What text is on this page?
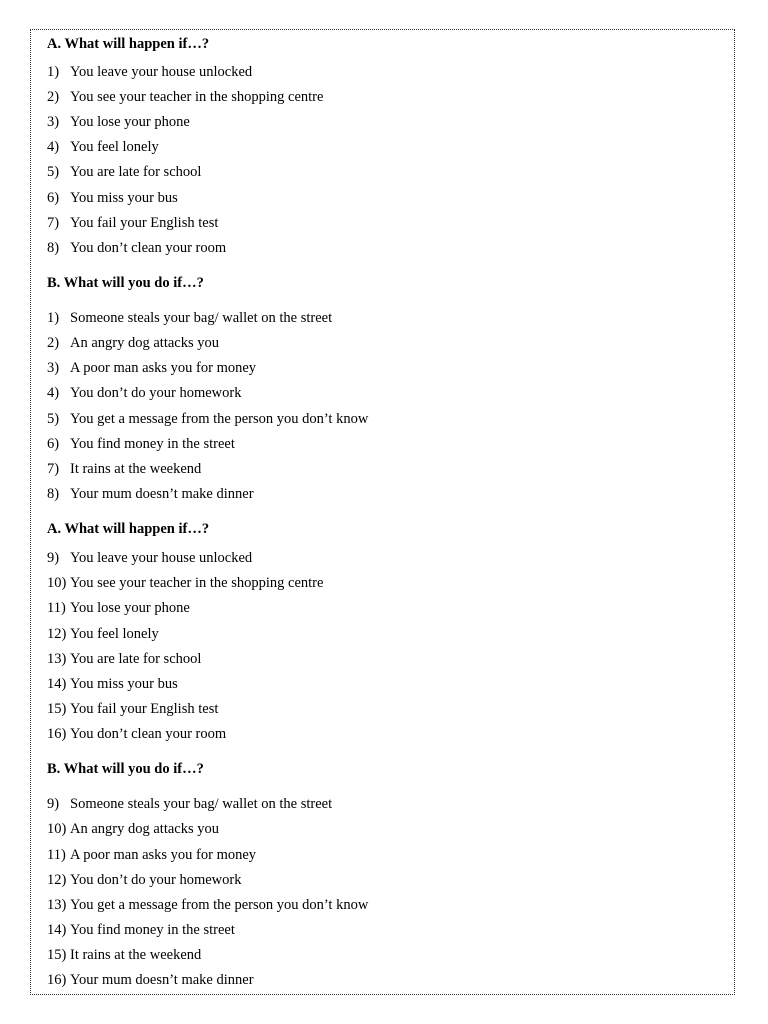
A. What will happen if…?
1) You leave your house unlocked
2) You see your teacher in the shopping centre
3) You lose your phone
4) You feel lonely
5) You are late for school
6) You miss your bus
7) You fail your English test
8) You don’t clean your room
B. What will you do if…?
1) Someone steals your bag/ wallet on the street
2) An angry dog attacks you
3) A poor man asks you for money
4) You don’t do your homework
5) You get a message from the person you don’t know
6) You find money in the street
7) It rains at the weekend
8) Your mum doesn’t make dinner
A. What will happen if…?
9) You leave your house unlocked
10) You see your teacher in the shopping centre
11) You lose your phone
12) You feel lonely
13) You are late for school
14) You miss your bus
15) You fail your English test
16) You don’t clean your room
B. What will you do if…?
9) Someone steals your bag/ wallet on the street
10) An angry dog attacks you
11) A poor man asks you for money
12) You don’t do your homework
13) You get a message from the person you don’t know
14) You find money in the street
15) It rains at the weekend
16) Your mum doesn’t make dinner
